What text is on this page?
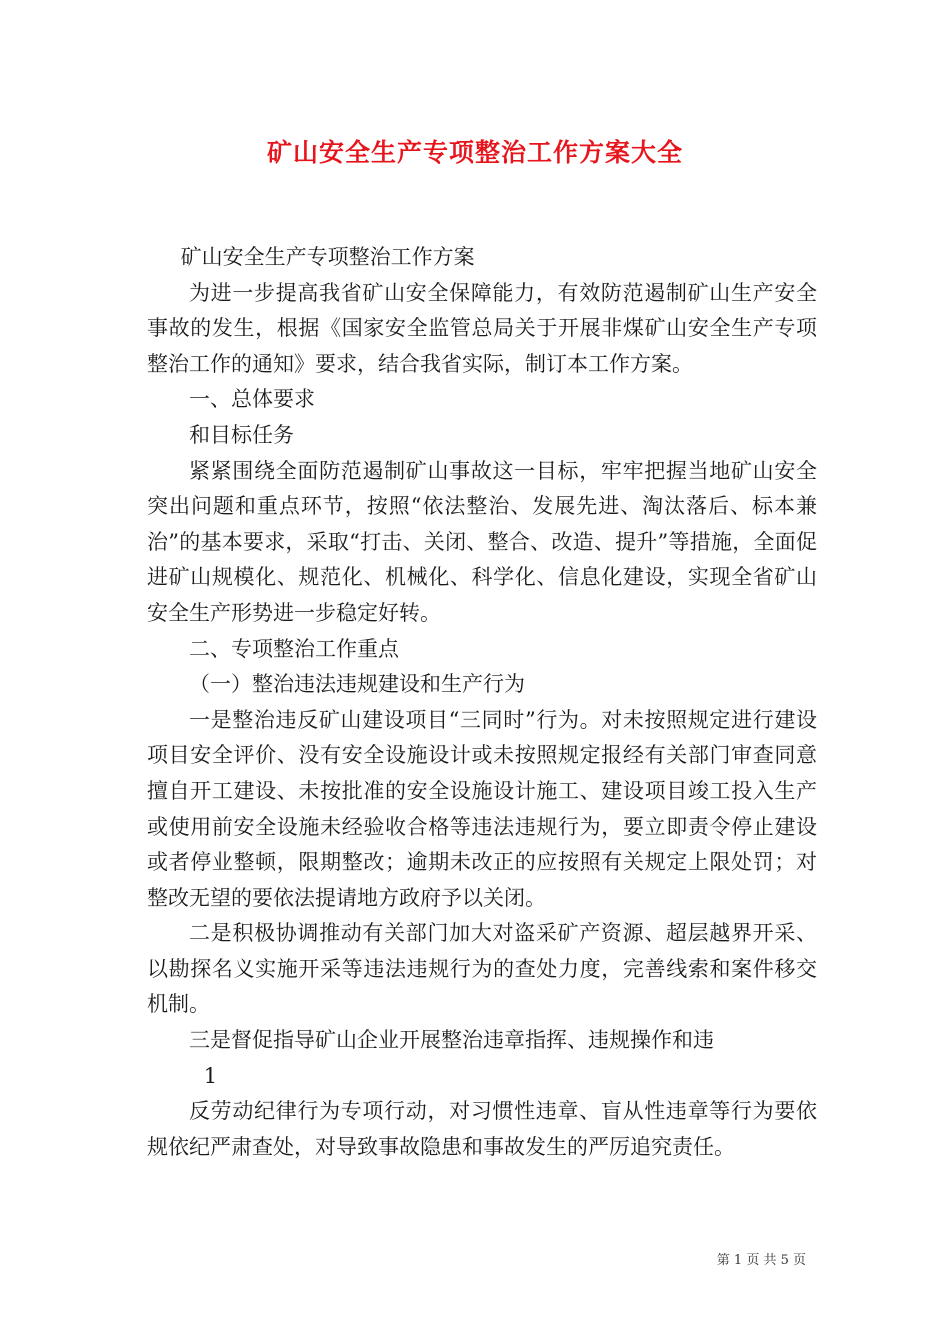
矿山安全生产专项整治工作方案大全

矿山安全生产专项整治工作方案

为进一步提高我省矿山安全保障能力，有效防范遏制矿山生产安全事故的发生，根据《国家安全监管总局关于开展非煤矿山安全生产专项整治工作的通知》要求，结合我省实际，制订本工作方案。

一、总体要求

和目标任务

紧紧围绕全面防范遏制矿山事故这一目标，牢牢把握当地矿山安全突出问题和重点环节，按照“依法整治、发展先进、淘汰落后、标本兼治”的基本要求，采取“打击、关闭、整合、改造、提升”等措施，全面促进矿山规模化、规范化、机械化、科学化、信息化建设，实现全省矿山安全生产形势进一步稳定好转。

二、专项整治工作重点

（一）整治违法违规建设和生产行为

一是整治违反矿山建设项目“三同时”行为。对未按照规定进行建设项目安全评价、没有安全设施设计或未按照规定报经有关部门审查同意擅自开工建设、未按批准的安全设施设计施工、建设项目竣工投入生产或使用前安全设施未经验收合格等违法违规行为，要立即责令停止建设或者停业整顿，限期整改；逾期未改正的应按照有关规定上限处罚；对整改无望的要依法提请地方政府予以关闭。

二是积极协调推动有关部门加大对盗采矿产资源、超层越界开采、以勘探名义实施开采等违法违规行为的查处力度，完善线索和案件移交机制。

三是督促指导矿山企业开展整治违章指挥、违规操作和违

1

反劳动纪律行为专项行动，对习惯性违章、盲从性违章等行为要依规依纪严肃查处，对导致事故隐患和事故发生的严厉追究责任。

第 1 页 共 5 页
